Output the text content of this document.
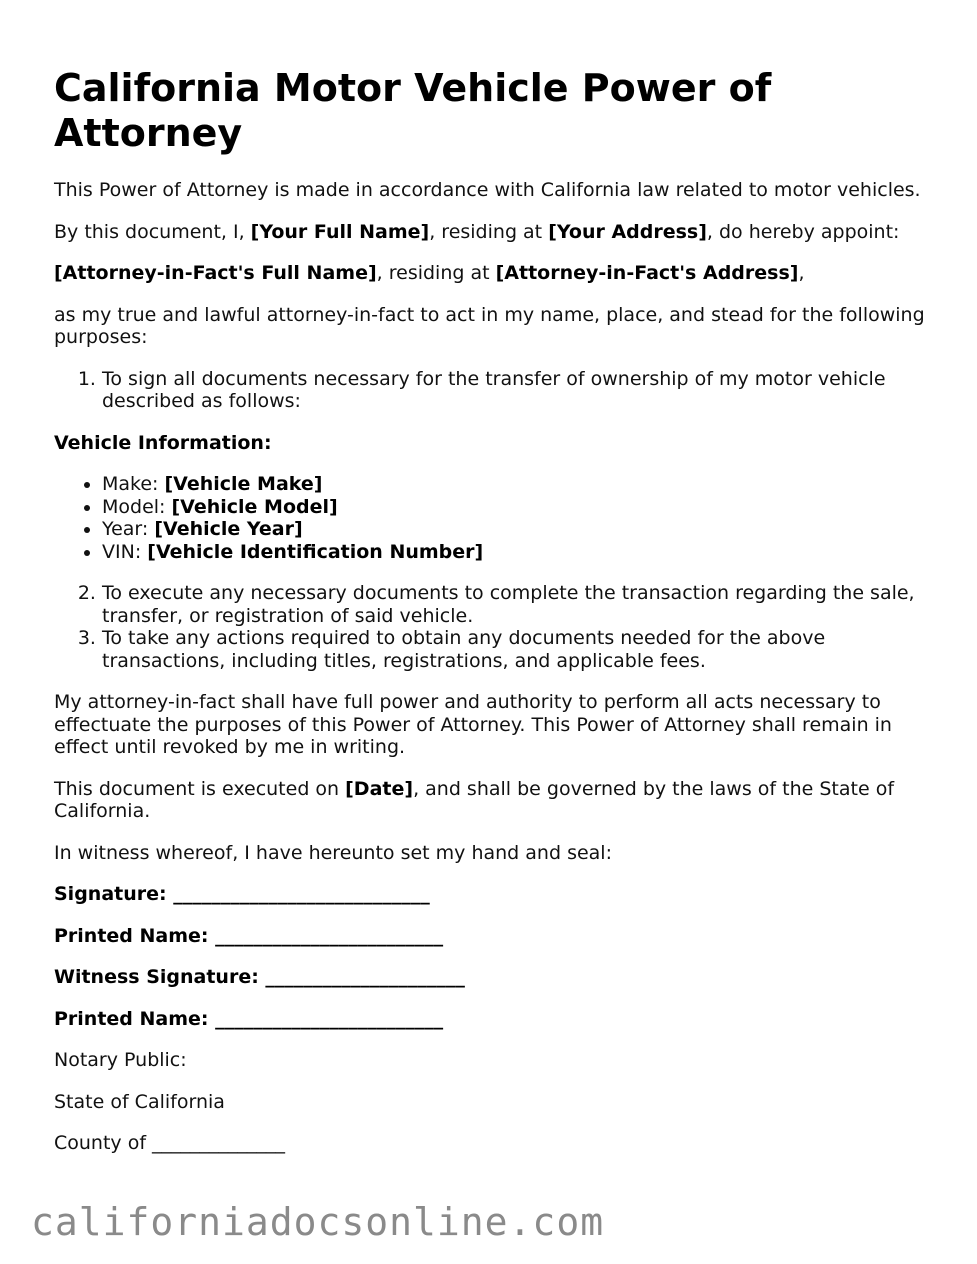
California Motor Vehicle Power of Attorney

This Power of Attorney is made in accordance with California law related to motor vehicles.

By this document, I, [Your Full Name], residing at [Your Address], do hereby appoint:

[Attorney-in-Fact's Full Name], residing at [Attorney-in-Fact's Address],

as my true and lawful attorney-in-fact to act in my name, place, and stead for the following purposes:

1. To sign all documents necessary for the transfer of ownership of my motor vehicle described as follows:

Vehicle Information:

• Make: [Vehicle Make]
• Model: [Vehicle Model]
• Year: [Vehicle Year]
• VIN: [Vehicle Identification Number]
2. To execute any necessary documents to complete the transaction regarding the sale, transfer, or registration of said vehicle.
3. To take any actions required to obtain any documents needed for the above transactions, including titles, registrations, and applicable fees.

My attorney-in-fact shall have full power and authority to perform all acts necessary to effectuate the purposes of this Power of Attorney. This Power of Attorney shall remain in effect until revoked by me in writing.

This document is executed on [Date], and shall be governed by the laws of the State of California.

In witness whereof, I have hereunto set my hand and seal:

Signature: ___________________________

Printed Name: ________________________

Witness Signature: _____________________

Printed Name: ________________________

Notary Public:

State of California

County of ______________

californiadocsonline.com
